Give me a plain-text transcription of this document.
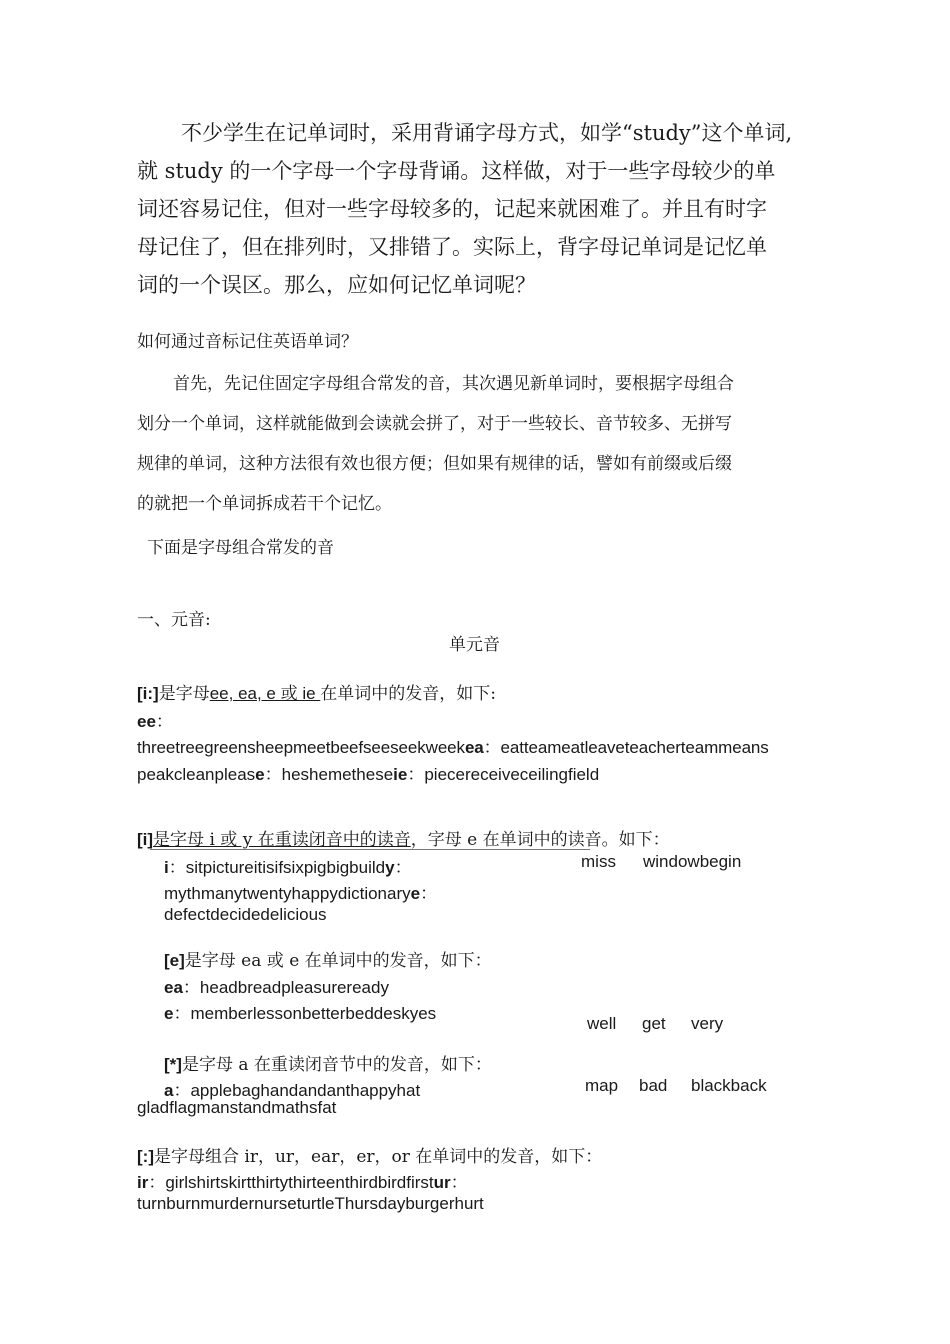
不少学生在记单词时，采用背诵字母方式，如学“study”这个单词,
就 study 的一个字母一个字母背诵。这样做，对于一些字母较少的单
词还容易记住，但对一些字母较多的，记起来就困难了。并且有时字
母记住了，但在排列时，又排错了。实际上，背字母记单词是记忆单
词的一个误区。那么，应如何记忆单词呢？
如何通过音标记住英语单词？
首先，先记住固定字母组合常发的音，其次遇见新单词时，要根据字母组合
划分一个单词，这样就能做到会读就会拼了，对于一些较长、音节较多、无拼写
规律的单词，这种方法很有效也很方便；但如果有规律的话，譬如有前缀或后缀
的就把一个单词拆成若干个记忆。
下面是字母组合常发的音
一、元音:
单元音
[i:]是字母ee, ea, e 或 ie 在单词中的发音，如下:
ee：
threetreegreensheepmeetbeefseeseekweekea：eatteameatleaveteacherteammeans
peakcleanplease：heshemetheseie：piecereceiveceilingfield
[i]是字母 i 或 y 在重读闭音中的读音，字母 e 在单词中的读音。如下：
i：sitpictureitisifsixpigbigbuildy：	miss windowbegin
mythmanytwentyhappydictionarye：
defectdecidedelicious
[e]是字母 ea 或 e 在单词中的发音，如下：
ea：headbreadpleasureready
e：memberlessonbetterbeddeskyes
well get very
[*]是字母 a 在重读闭音节中的发音，如下：
a：applebaghandandanthappyhat	map bad blackback
gladflagmanstandmathsfat
[:]是字母组合 ir，ur，ear，er，or 在单词中的发音，如下：
ir：girlshirtskirtthirtythirteenthirdbirdfirstur：
turnburnmurdernurseturtleThursdayburgerhurt
